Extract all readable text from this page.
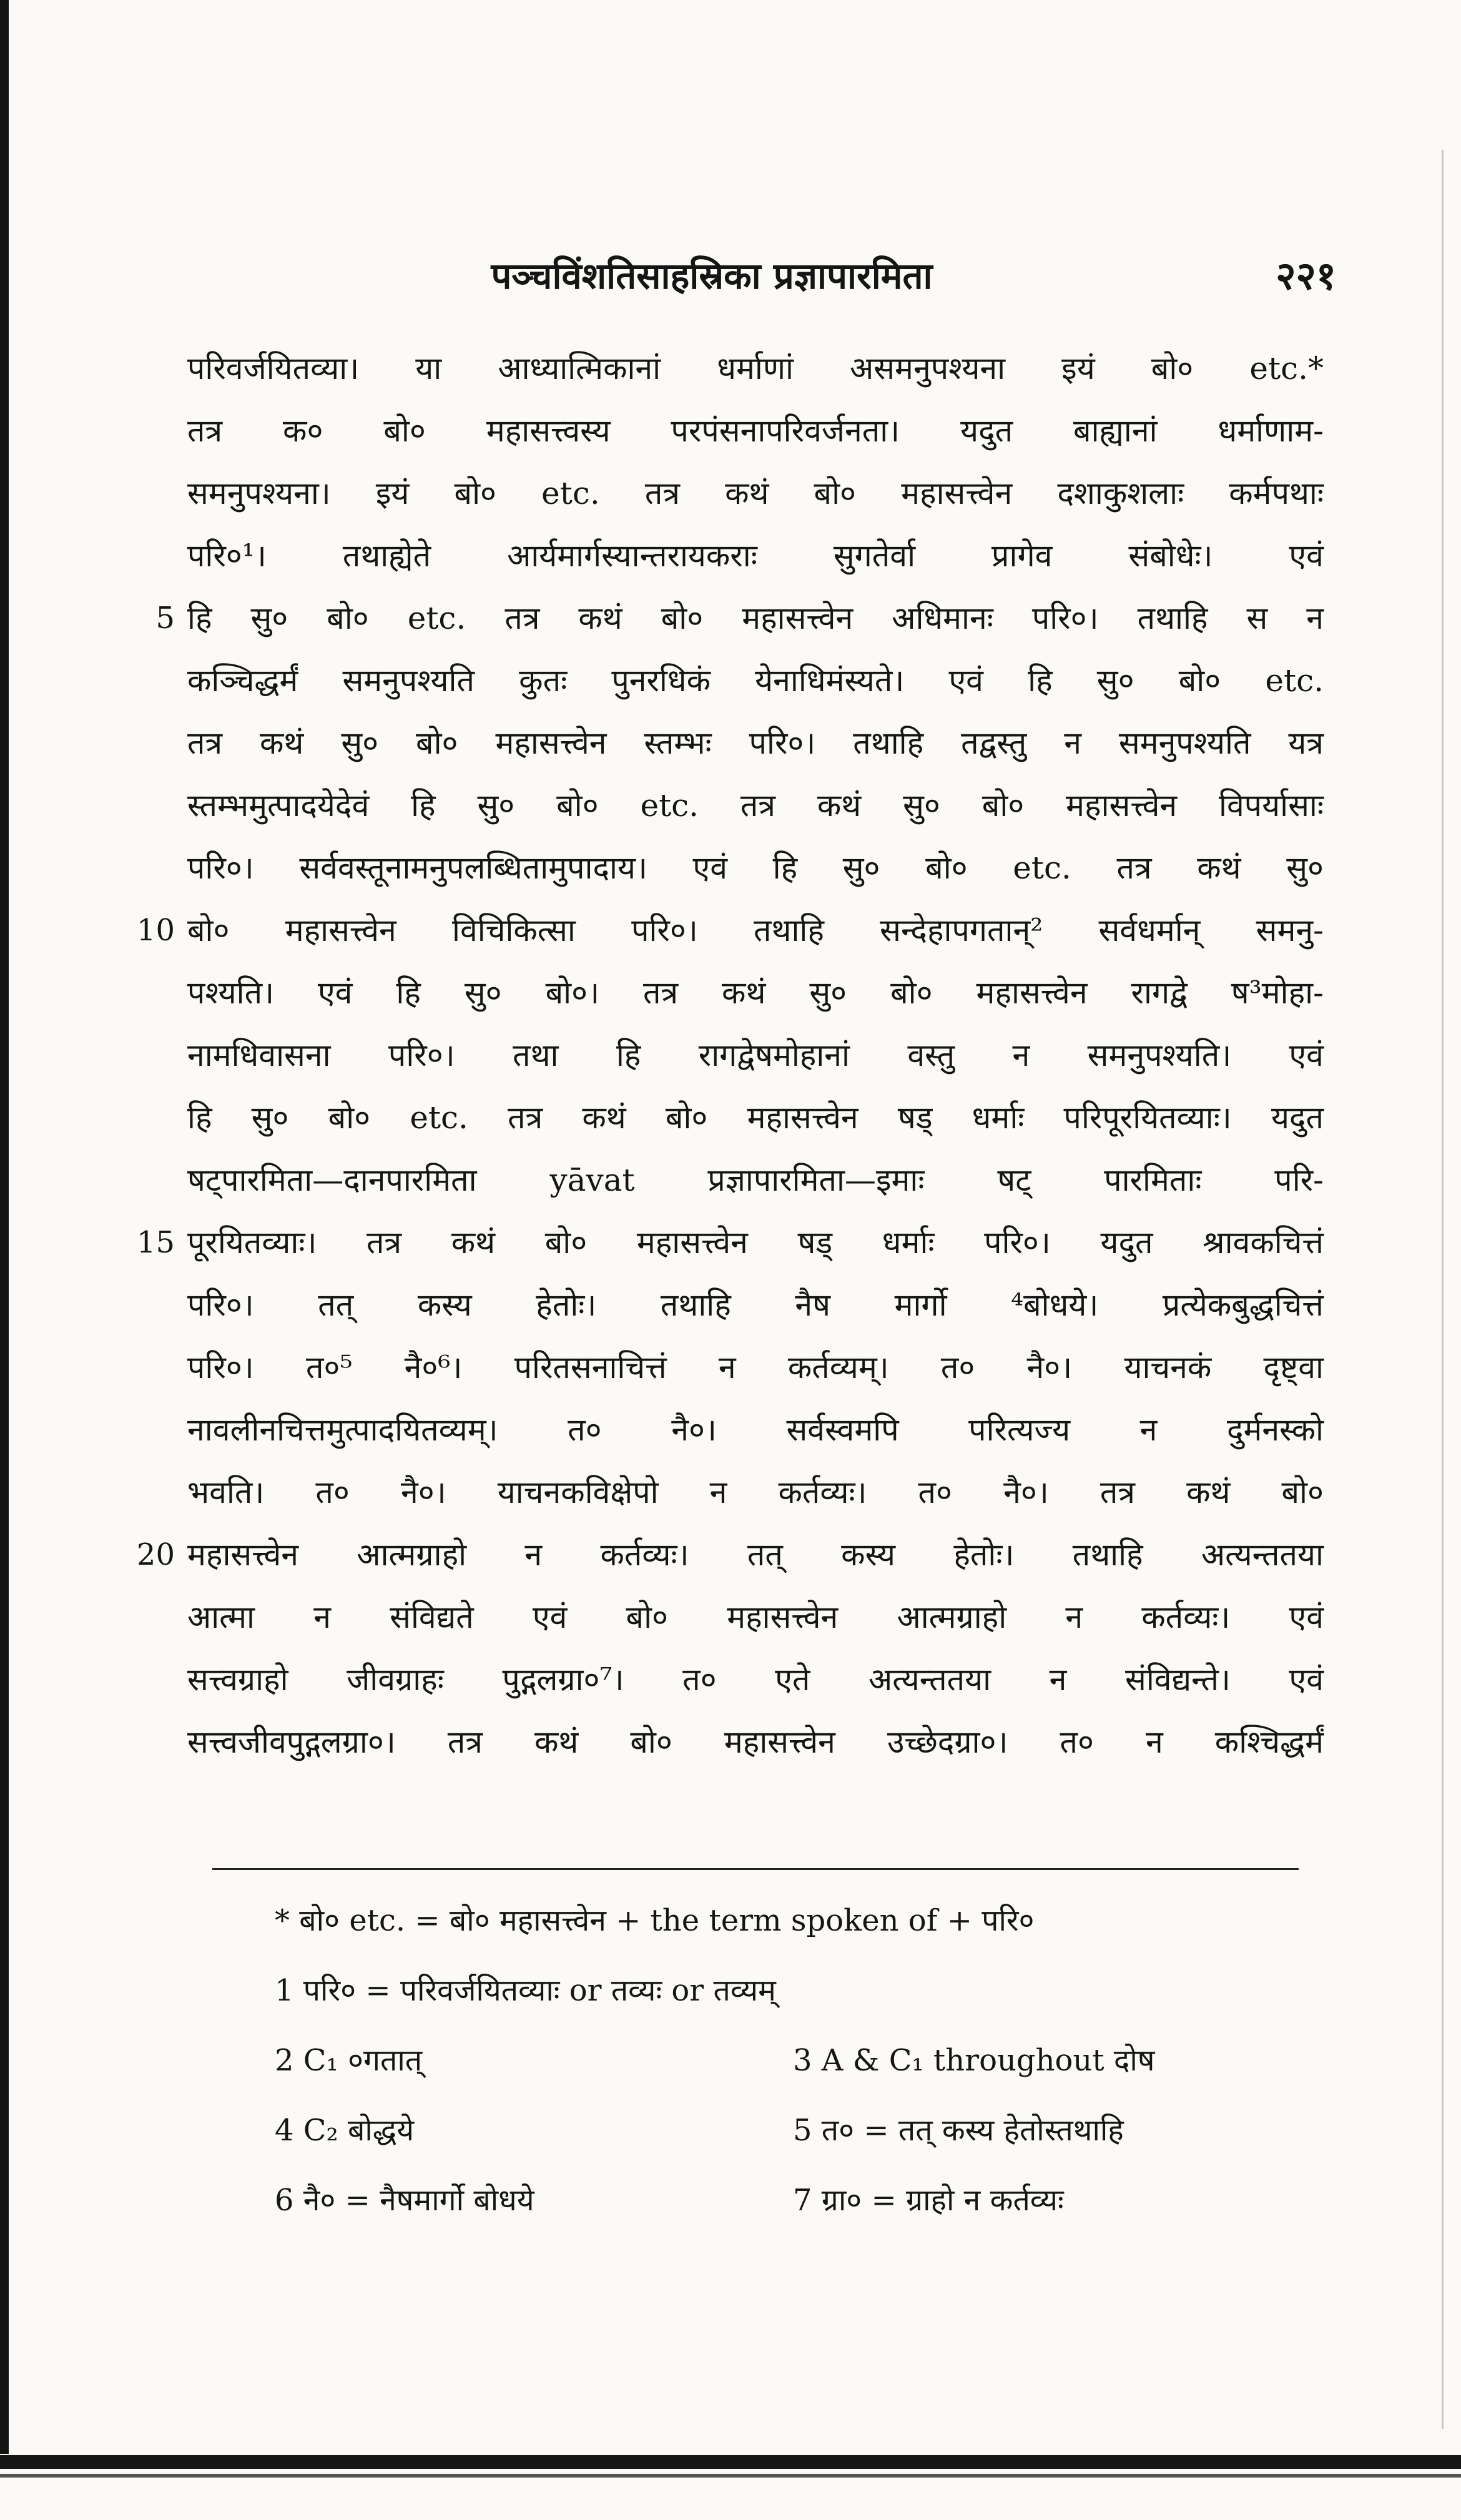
पञ्चविंशतिसाहस्रिका प्रज्ञापारमिता	२२१
परिवर्जयितव्या। या आध्यात्मिकानां धर्माणां असमनुपश्यना इयं बो० etc.*
तत्र क० बो० महासत्त्वस्य परपंसनापरिवर्जनता। यदुत बाह्यानां धर्माणाम-
समनुपश्यना। इयं बो० etc. तत्र कथं बो० महासत्त्वेन दशाकुशलाः कर्मपथाः
परि०¹। तथाह्येते आर्यमार्गस्यान्तरायकराः सुगतेर्वा प्रागेव संबोधेः। एवं
5 हि सु० बो० etc. तत्र कथं बो० महासत्त्वेन अधिमानः परि०। तथाहि स न
कञ्चिद्धर्मं समनुपश्यति कुतः पुनरधिकं येनाधिमंस्यते। एवं हि सु० बो० etc.
तत्र कथं सु० बो० महासत्त्वेन स्तम्भः परि०। तथाहि तद्वस्तु न समनुपश्यति यत्र
स्तम्भमुत्पादयेदेवं हि सु० बो० etc. तत्र कथं सु० बो० महासत्त्वेन विपर्यासाः
परि०। सर्ववस्तूनामनुपलब्धितामुपादाय। एवं हि सु० बो० etc. तत्र कथं सु०
10 बो० महासत्त्वेन विचिकित्सा परि०। तथाहि सन्देहापगतान्² सर्वधर्मान् समनु-
पश्यति। एवं हि सु० बो०। तत्र कथं सु० बो० महासत्त्वेन रागद्वे ष³मोहा-
नामधिवासना परि०। तथा हि रागद्वेषमोहानां वस्तु न समनुपश्यति। एवं
हि सु० बो० etc. तत्र कथं बो० महासत्त्वेन षड् धर्माः परिपूरयितव्याः। यदुत
षट्पारमिता—दानपारमिता yāvat प्रज्ञापारमिता—इमाः षट् पारमिताः परि-
15 पूरयितव्याः। तत्र कथं बो० महासत्त्वेन षड् धर्माः परि०। यदुत श्रावकचित्तं
परि०। तत् कस्य हेतोः। तथाहि नैष मार्गो ⁴बोधये। प्रत्येकबुद्धचित्तं
परि०। त०⁵ नै०⁶। परितसनाचित्तं न कर्तव्यम्। त० नै०। याचनकं दृष्ट्वा
नावलीनचित्तमुत्पादयितव्यम्। त० नै०। सर्वस्वमपि परित्यज्य न दुर्मनस्को
भवति। त० नै०। याचनकविक्षेपो न कर्तव्यः। त० नै०। तत्र कथं बो०
20 महासत्त्वेन आत्मग्राहो न कर्तव्यः। तत् कस्य हेतोः। तथाहि अत्यन्ततया
आत्मा न संविद्यते एवं बो० महासत्त्वेन आत्मग्राहो न कर्तव्यः। एवं
सत्त्वग्राहो जीवग्राहः पुद्गलग्रा०⁷। त० एते अत्यन्ततया न संविद्यन्ते। एवं
सत्त्वजीवपुद्गलग्रा०। तत्र कथं बो० महासत्त्वेन उच्छेदग्रा०। त० न कश्चिद्धर्मं
* बो० etc. = बो० महासत्त्वेन + the term spoken of + परि०
1 परि० = परिवर्जयितव्याः or तव्यः or तव्यम्
2 C₁ ०गतात्	3 A & C₁ throughout दोष
4 C₂ बोद्धये	5 त० = तत् कस्य हेतोस्तथाहि
6 नै० = नैषमार्गो बोधये	7 ग्रा० = ग्राहो न कर्तव्यः
